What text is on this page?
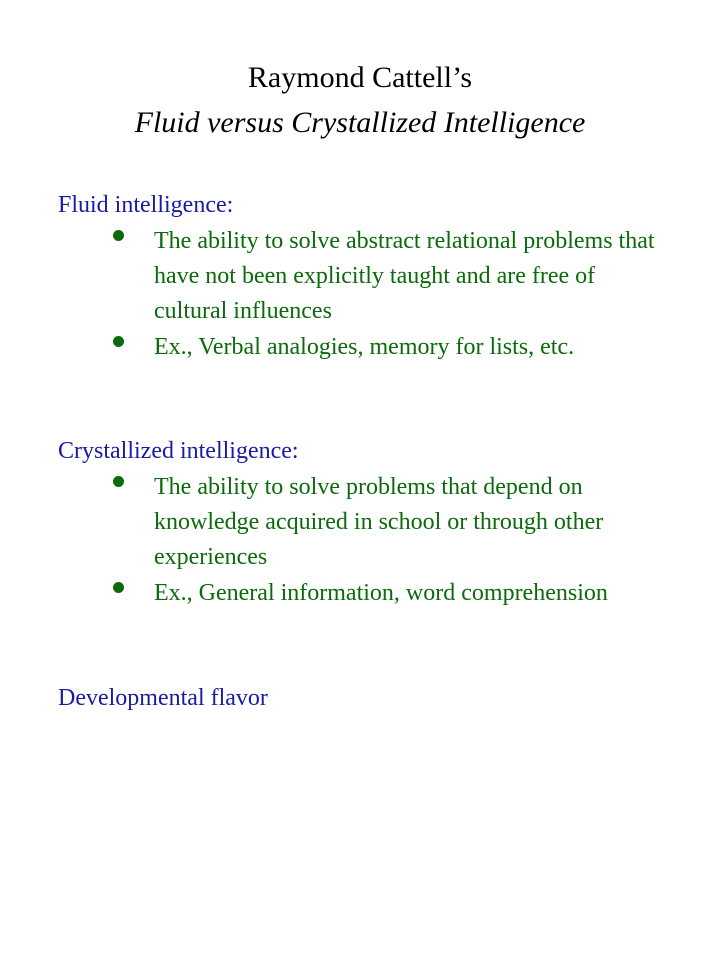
Raymond Cattell’s
Fluid versus Crystallized Intelligence
Fluid intelligence:
The ability to solve abstract relational problems that have not been explicitly taught and are free of cultural influences
Ex., Verbal analogies, memory for lists, etc.
Crystallized intelligence:
The ability to solve problems that depend on knowledge acquired in school or through other experiences
Ex., General information, word comprehension
Developmental flavor
